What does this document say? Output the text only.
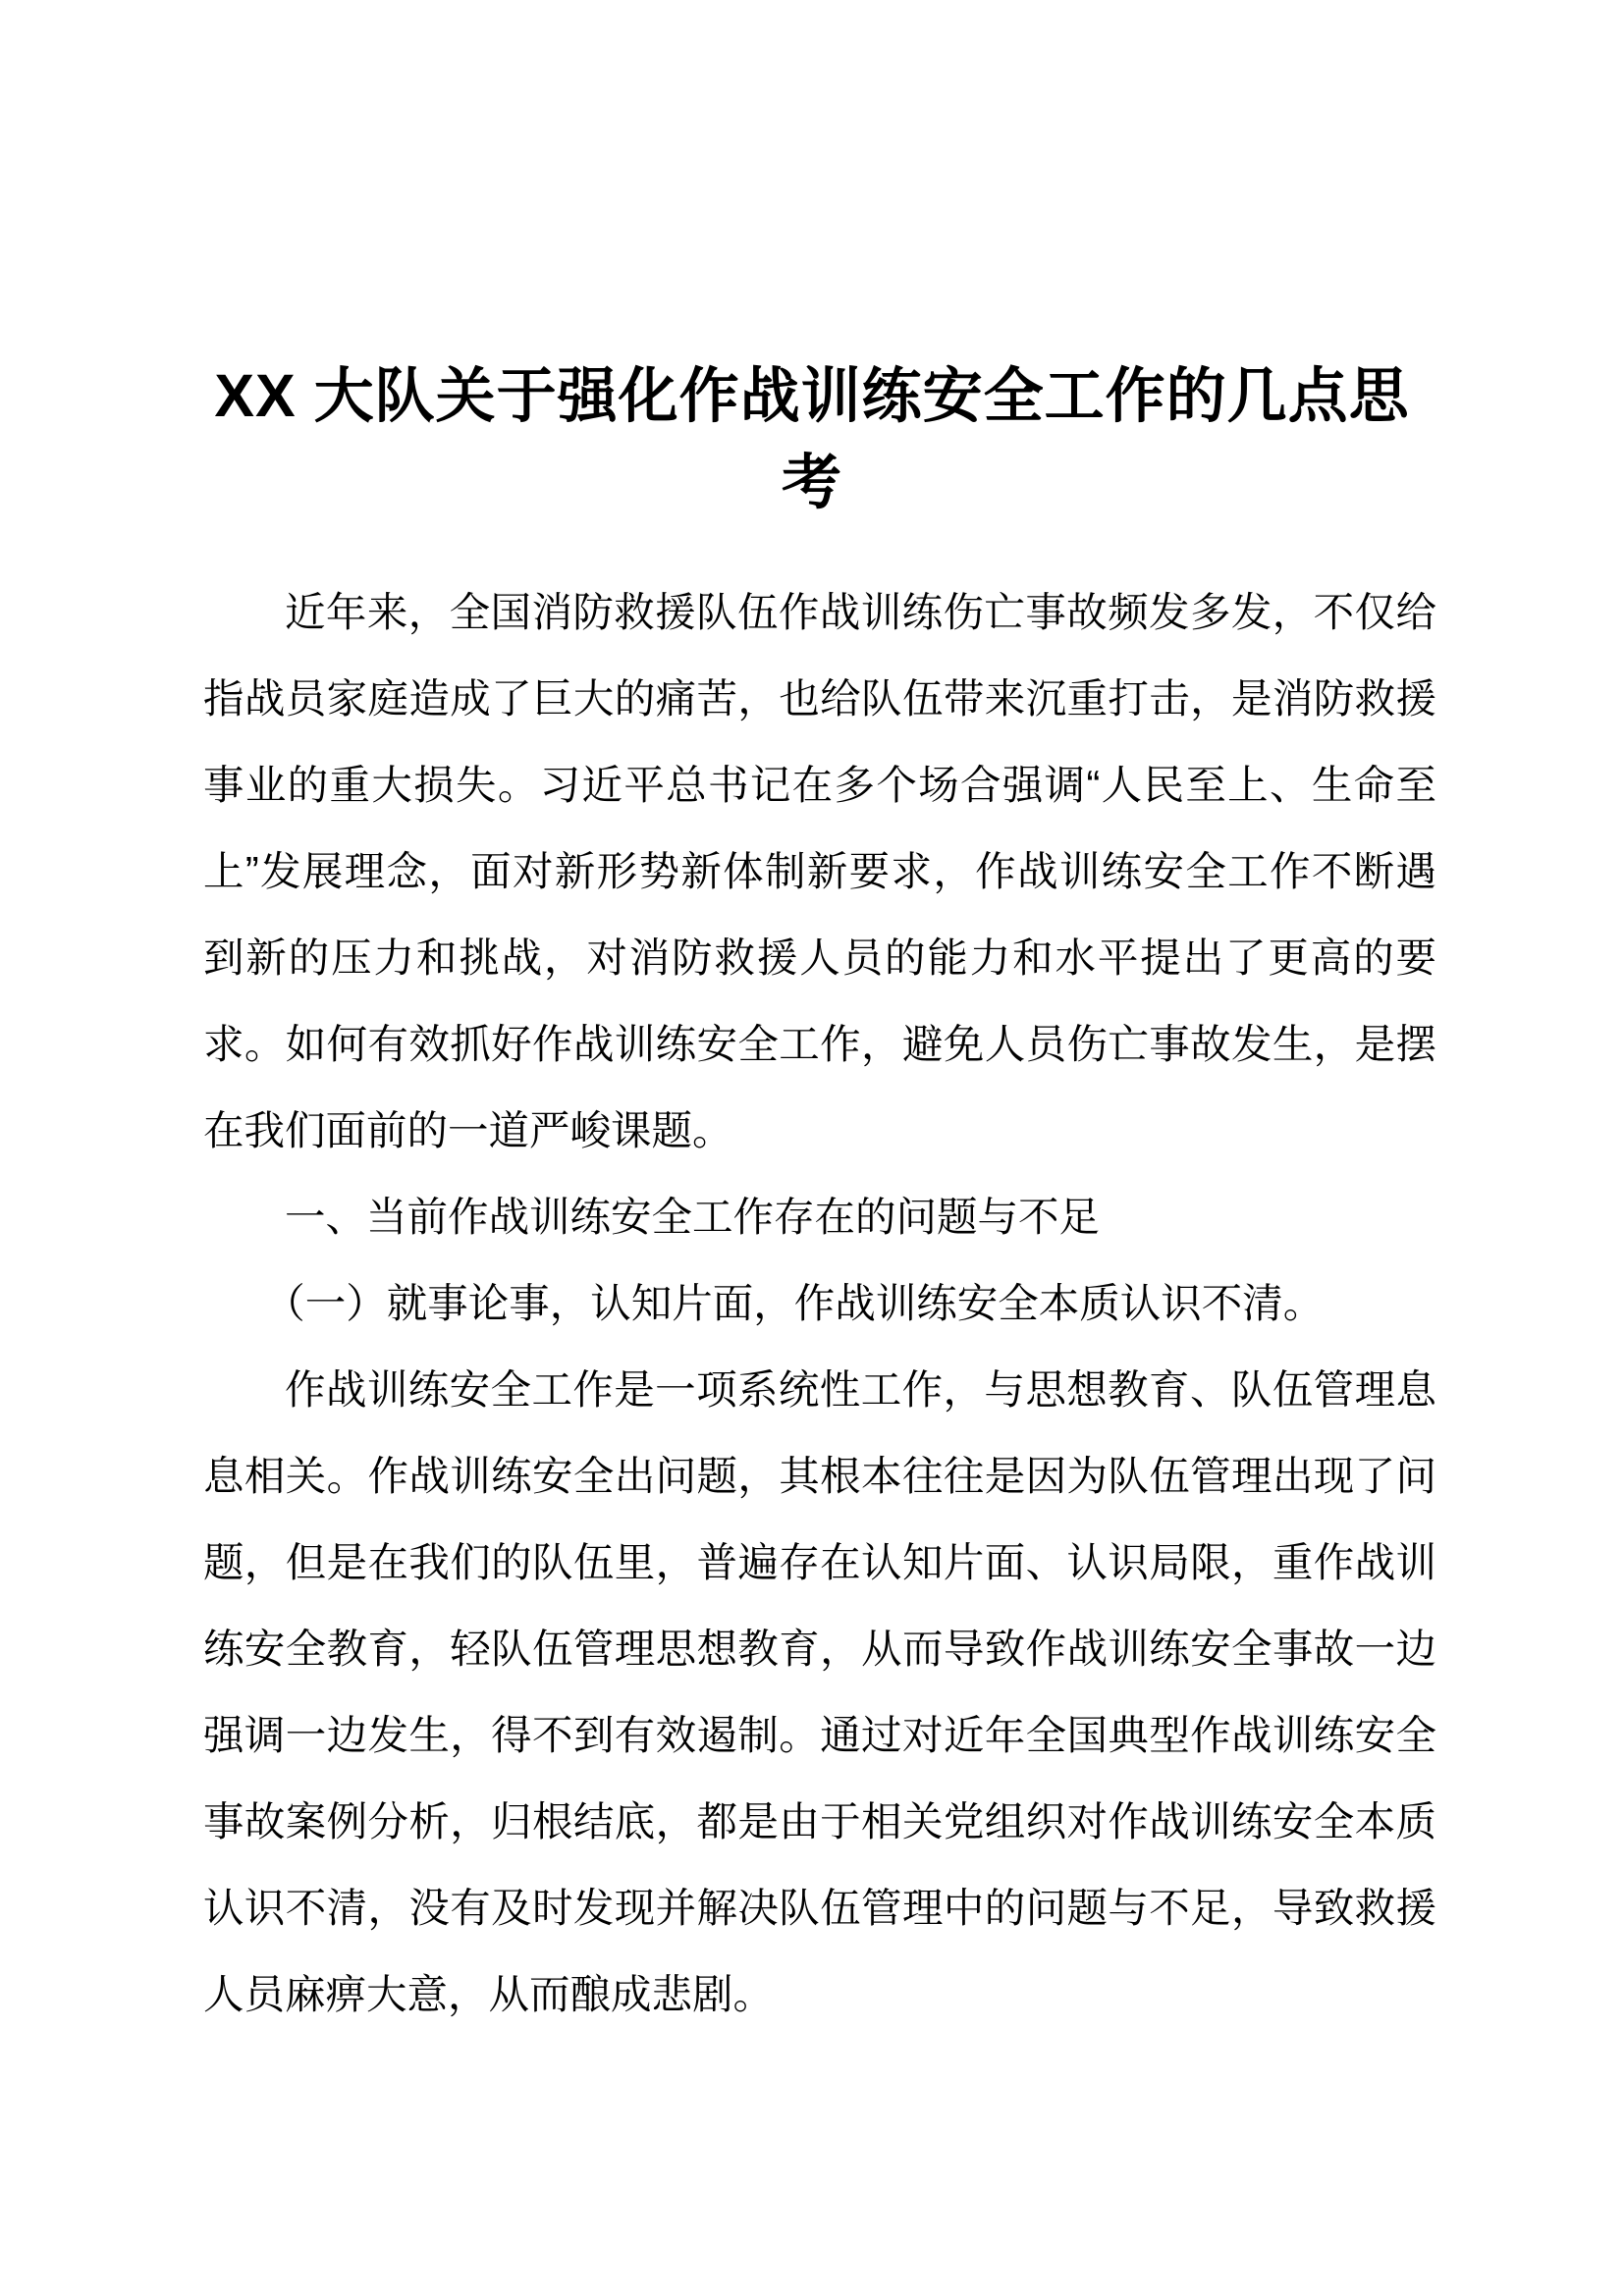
XX 大队关于强化作战训练安全工作的几点思考

近年来，全国消防救援队伍作战训练伤亡事故频发多发，不仅给指战员家庭造成了巨大的痛苦，也给队伍带来沉重打击，是消防救援事业的重大损失。习近平总书记在多个场合强调“人民至上、生命至上”发展理念，面对新形势新体制新要求，作战训练安全工作不断遇到新的压力和挑战，对消防救援人员的能力和水平提出了更高的要求。如何有效抓好作战训练安全工作，避免人员伤亡事故发生，是摆在我们面前的一道严峻课题。

一、当前作战训练安全工作存在的问题与不足

（一）就事论事，认知片面，作战训练安全本质认识不清。

作战训练安全工作是一项系统性工作，与思想教育、队伍管理息息相关。作战训练安全出问题，其根本往往是因为队伍管理出现了问题，但是在我们的队伍里，普遍存在认知片面、认识局限，重作战训练安全教育，轻队伍管理思想教育，从而导致作战训练安全事故一边强调一边发生，得不到有效遏制。通过对近年全国典型作战训练安全事故案例分析，归根结底，都是由于相关党组织对作战训练安全本质认识不清，没有及时发现并解决队伍管理中的问题与不足，导致救援人员麻痹大意，从而酿成悲剧。
